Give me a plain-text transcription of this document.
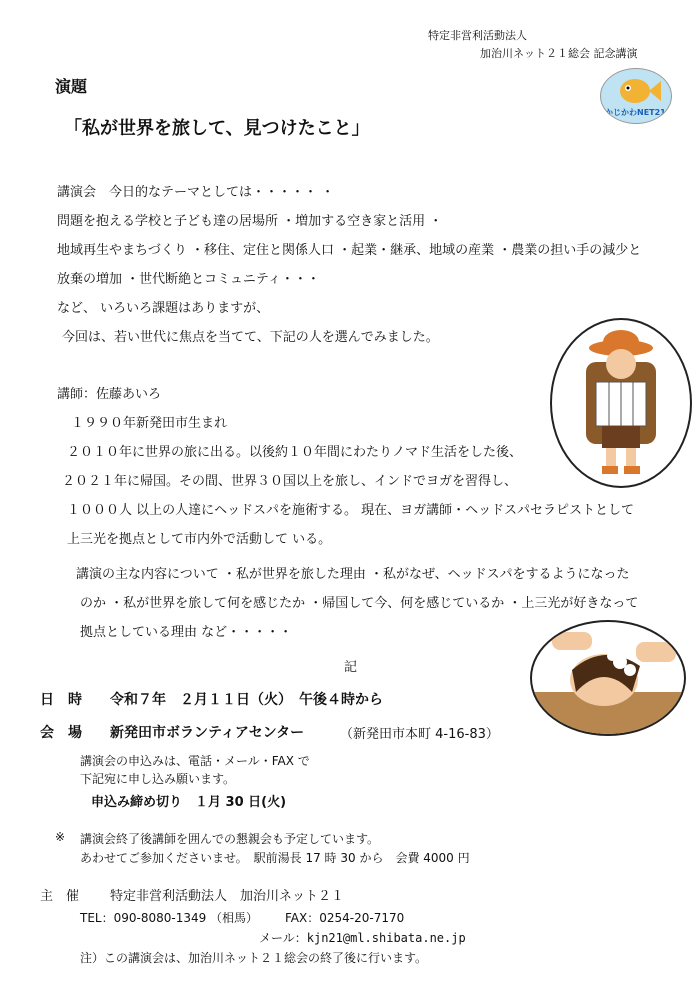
特定非営利活動法人
加治川ネット２１総会 記念講演
かじかわNET21
演題
「私が世界を旅して、見つけたこと」
講演会　今日的なテーマとしては・・・・・ ・
問題を抱える学校と子ども達の居場所 ・増加する空き家と活用 ・
地域再生やまちづくり ・移住、定住と関係人口 ・起業・継承、地域の産業 ・農業の担い手の減少と
放棄の増加 ・世代断絶とコミュニティ・・・
など、 いろいろ課題はありますが、
今回は、若い世代に焦点を当てて、下記の人を選んでみました。
講師：佐藤あいろ
１９９０年新発田市生まれ
２０１０年に世界の旅に出る。以後約１０年間にわたりノマド生活をした後、
２０２１年に帰国。その間、世界３０国以上を旅し、インドでヨガを習得し、
１０００人 以上の人達にヘッドスパを施術する。 現在、ヨガ講師・ヘッドスパセラピストとして
上三光を拠点として市内外で活動して いる。
講演の主な内容について ・私が世界を旅した理由 ・私がなぜ、ヘッドスパをするようになった
のか ・私が世界を旅して何を感じたか ・帰国して今、何を感じているか ・上三光が好きなって
拠点としている理由 など・・・・・
記
日　時 令和７年　２月１１日（火）　午後４時から
会　場 新発田市ボランティアセンター	（新発田市本町 4-16-83）
講演会の申込みは、電話・メール・FAX で
下記宛に申し込み願います。
申込み締め切り　１月 30 日(火)
※ 講演会終了後講師を囲んでの懇親会も予定しています。
あわせてご参加くださいませ。　駅前湯長 17 時 30 から　会費 4000 円
主　催 特定非営利活動法人　加治川ネット２１
TEL：090-8080-1349 （相馬） FAX：0254-20-7170
メール：kjn21@ml.shibata.ne.jp
注）この講演会は、加治川ネット２１総会の終了後に行います。
